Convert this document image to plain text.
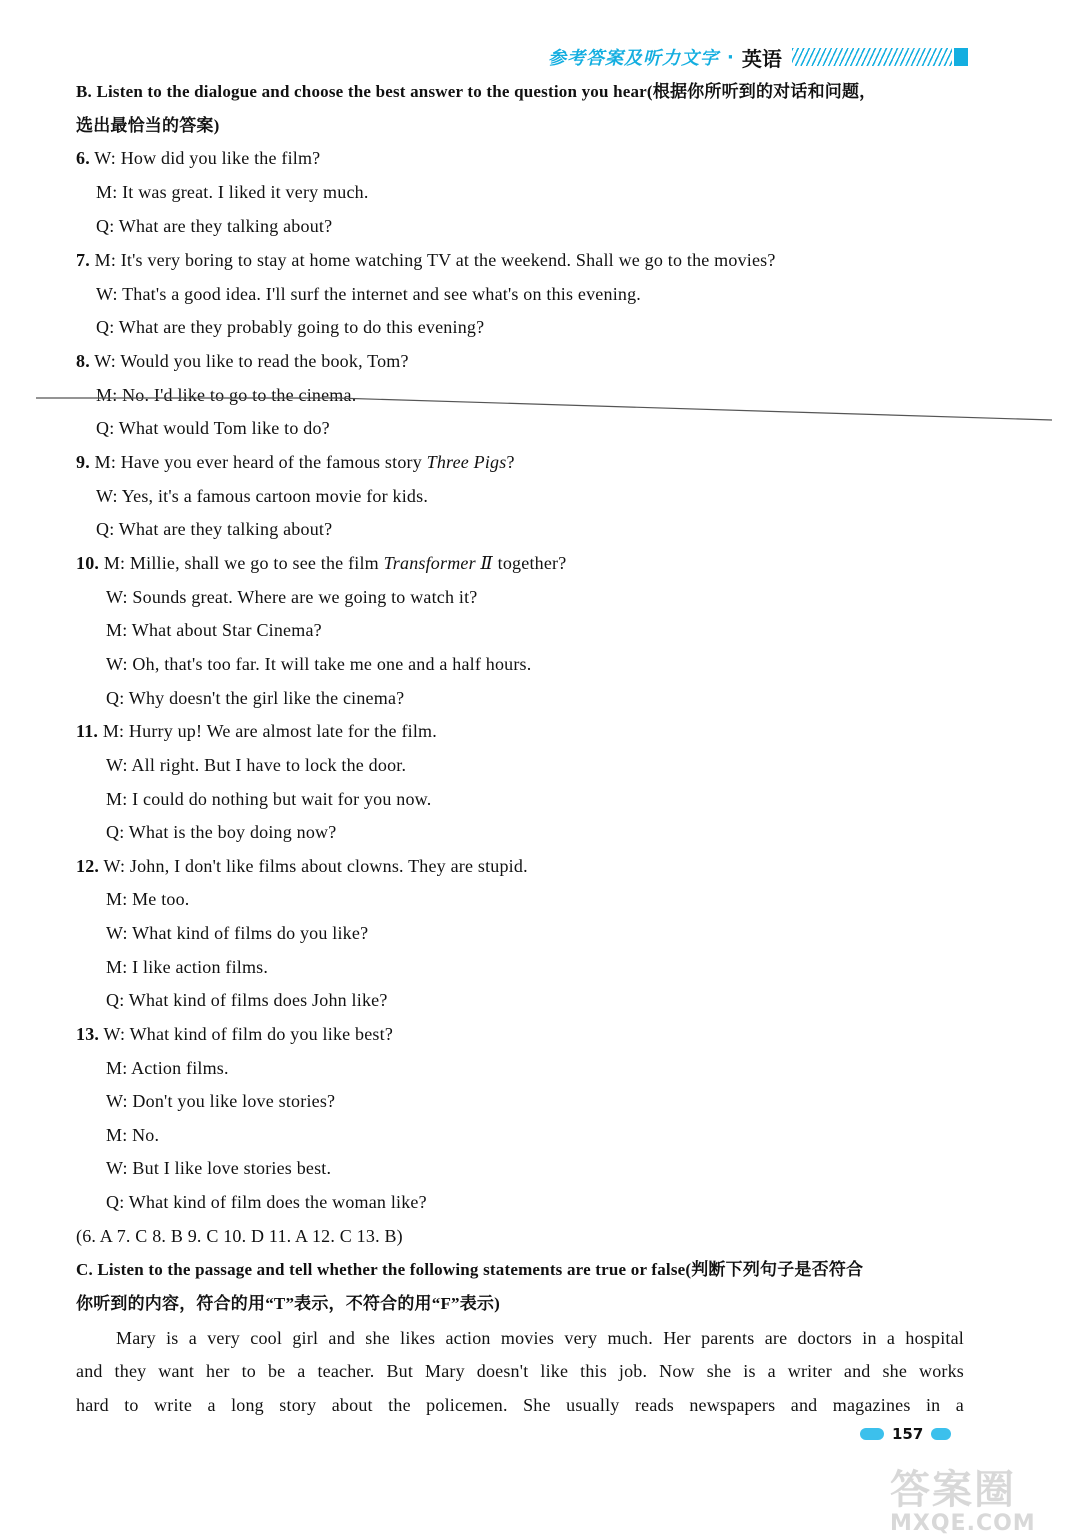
参考答案及听力文字 · 英语
B. Listen to the dialogue and choose the best answer to the question you hear(根据你所听到的对话和问题，
选出最恰当的答案)
6. W: How did you like the film?
M: It was great. I liked it very much.
Q: What are they talking about?
7. M: It's very boring to stay at home watching TV at the weekend. Shall we go to the movies?
W: That's a good idea. I'll surf the internet and see what's on this evening.
Q: What are they probably going to do this evening?
8. W: Would you like to read the book, Tom?
M: No. I'd like to go to the cinema.
Q: What would Tom like to do?
9. M: Have you ever heard of the famous story Three Pigs?
W: Yes, it's a famous cartoon movie for kids.
Q: What are they talking about?
10. M: Millie, shall we go to see the film Transformer Ⅱ together?
W: Sounds great. Where are we going to watch it?
M: What about Star Cinema?
W: Oh, that's too far. It will take me one and a half hours.
Q: Why doesn't the girl like the cinema?
11. M: Hurry up! We are almost late for the film.
W: All right. But I have to lock the door.
M: I could do nothing but wait for you now.
Q: What is the boy doing now?
12. W: John, I don't like films about clowns. They are stupid.
M: Me too.
W: What kind of films do you like?
M: I like action films.
Q: What kind of films does John like?
13. W: What kind of film do you like best?
M: Action films.
W: Don't you like love stories?
M: No.
W: But I like love stories best.
Q: What kind of film does the woman like?
(6. A 7. C 8. B 9. C 10. D 11. A 12. C 13. B)
C. Listen to the passage and tell whether the following statements are true or false(判断下列句子是否符合
你听到的内容，符合的用“T”表示，不符合的用“F”表示)
Mary is a very cool girl and she likes action movies very much. Her parents are doctors in a hospital
and they want her to be a teacher. But Mary doesn't like this job. Now she is a writer and she works
hard to write a long story about the policemen. She usually reads newspapers and magazines in a
157
答案圈
MXQE.COM
